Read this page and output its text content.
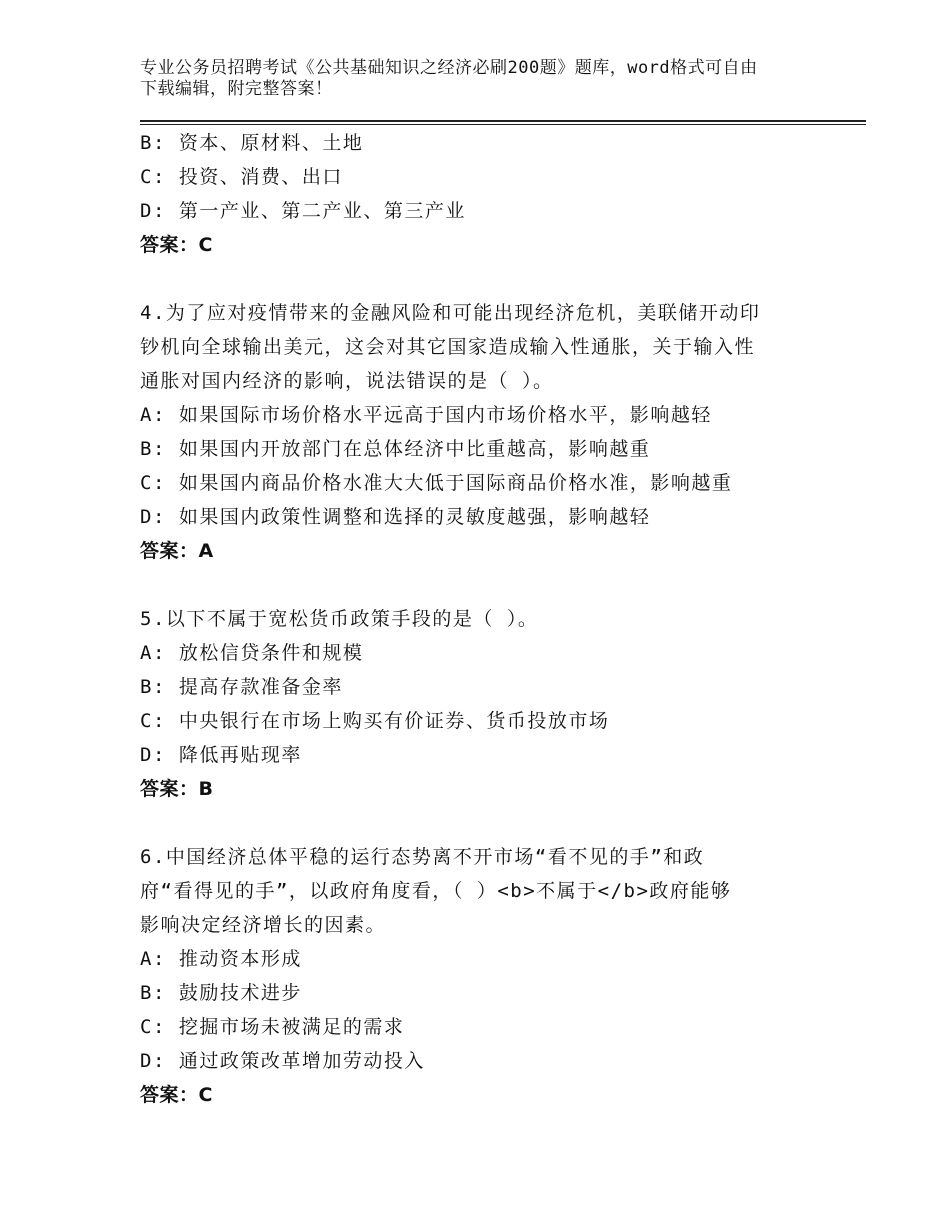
专业公务员招聘考试《公共基础知识之经济必刷200题》题库，word格式可自由
下载编辑，附完整答案！
B: 资本、原材料、土地
C: 投资、消费、出口
D: 第一产业、第二产业、第三产业
答案：C
4.为了应对疫情带来的金融风险和可能出现经济危机，美联储开动印
钞机向全球输出美元，这会对其它国家造成输入性通胀，关于输入性
通胀对国内经济的影响，说法错误的是（ ）。
A: 如果国际市场价格水平远高于国内市场价格水平，影响越轻
B: 如果国内开放部门在总体经济中比重越高，影响越重
C: 如果国内商品价格水准大大低于国际商品价格水准，影响越重
D: 如果国内政策性调整和选择的灵敏度越强，影响越轻
答案：A
5.以下不属于宽松货币政策手段的是（ ）。
A: 放松信贷条件和规模
B: 提高存款准备金率
C: 中央银行在市场上购买有价证券、货币投放市场
D: 降低再贴现率
答案：B
6.中国经济总体平稳的运行态势离不开市场“看不见的手”和政
府“看得见的手”，以政府角度看，（ ）<b>不属于</b>政府能够
影响决定经济增长的因素。
A: 推动资本形成
B: 鼓励技术进步
C: 挖掘市场未被满足的需求
D: 通过政策改革增加劳动投入
答案：C
